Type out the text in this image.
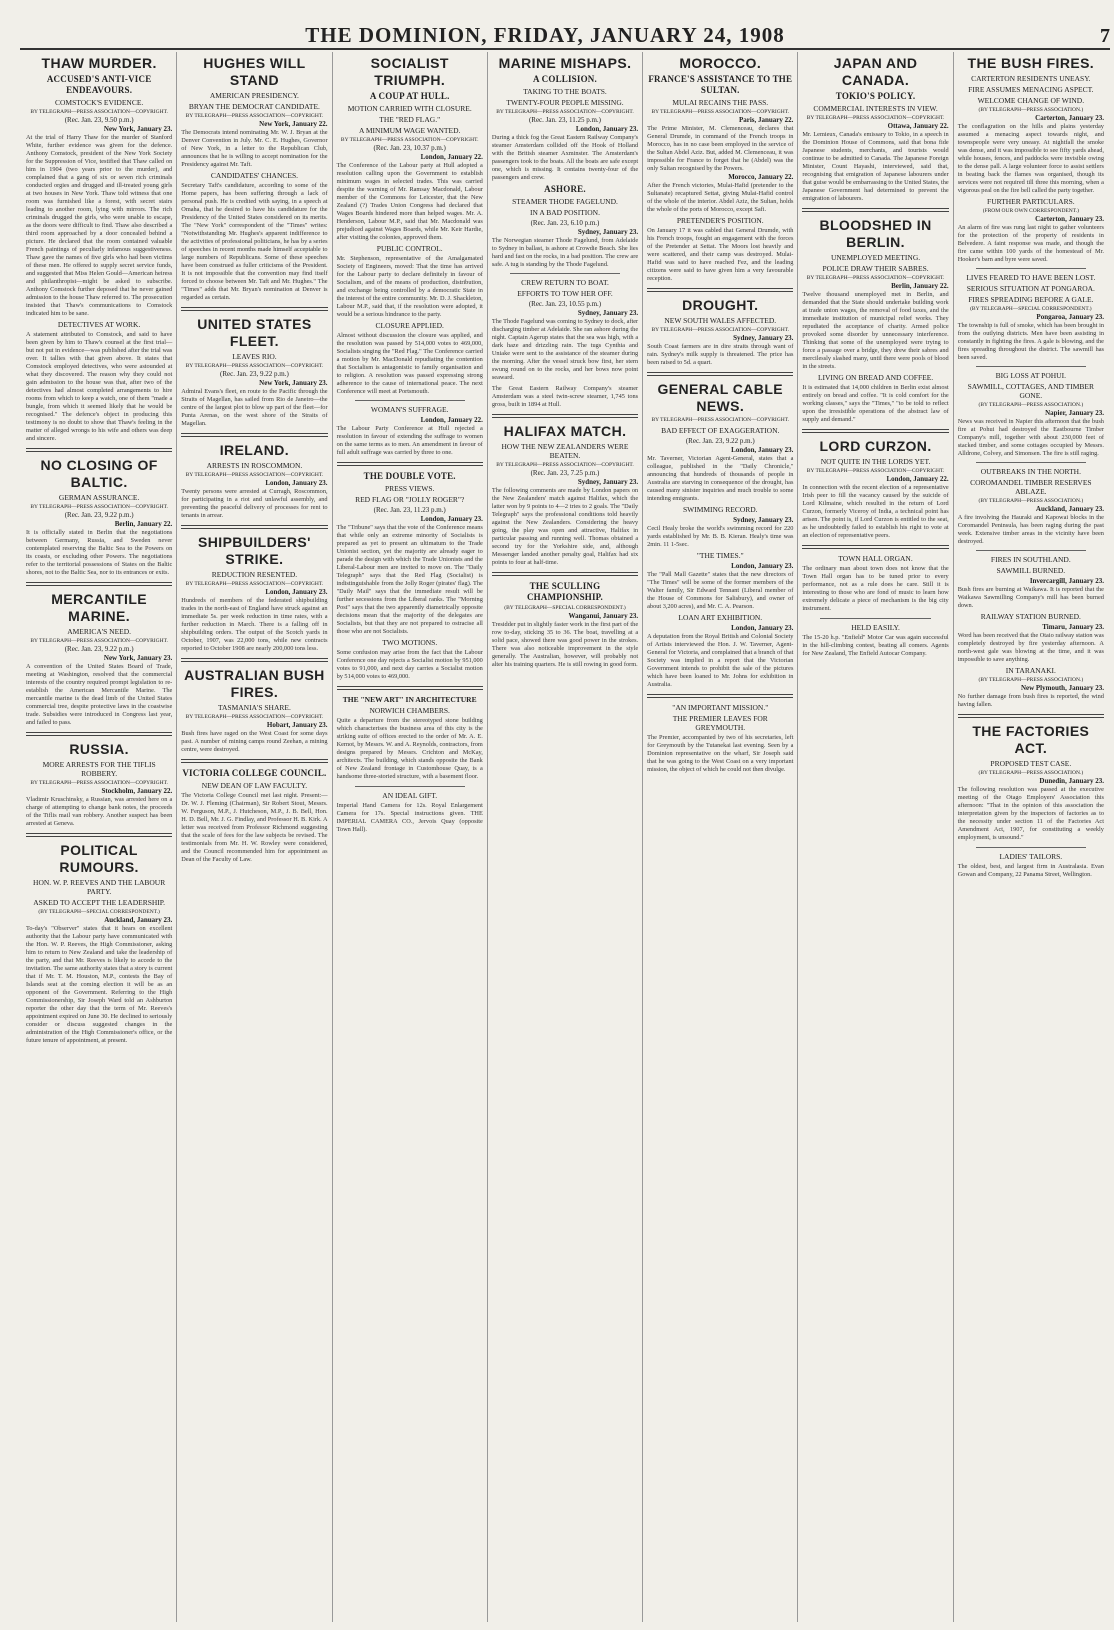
THE DOMINION, FRIDAY, JANUARY 24, 1908	7
THAW MURDER.
ACCUSED'S ANTI-VICE ENDEAVOURS.
COMSTOCK'S EVIDENCE.
BY TELEGRAPH—PRESS ASSOCIATION—COPYRIGHT.
(Rec. Jan. 23, 9.50 p.m.)
New York, January 23.
At the trial of Harry Thaw for the murder of Stanford White, further evidence was given for the defence. Anthony Comstock, president of the New York Society for the Suppression of Vice, testified that Thaw called on him in 1904 (two years prior to the murder), and complained that a gang of six or seven rich criminals conducted orgies and drugged and ill-treated young girls at two houses in New York. Thaw told witness that one room was furnished like a forest, with secret stairs leading to another room, lying with mirrors. The rich criminals drugged the girls, who were unable to escape, as the doors were difficult to find. Thaw also described a third room approached by a door concealed behind a picture. He declared that the room contained valuable French paintings of peculiarly infamous suggestiveness. Thaw gave the names of five girls who had been victims of these men. He offered to supply secret service funds, and suggested that Miss Helen Gould—American heiress and philanthropist—might be asked to subscribe. Anthony Comstock further deposed that he never gained admission to the house Thaw referred to. The prosecution insisted that Thaw's communications to Comstock indicated him to be sane.
DETECTIVES AT WORK.
A statement attributed to Comstock, and said to have been given by him to Thaw's counsel at the first trial—but not put in evidence—was published after the trial was over. It tallies with that given above. It states that Comstock employed detectives, who were astounded at what they discovered. The reason why they could not gain admission to the house was that, after two of the detectives had almost completed arrangements to hire rooms from which to keep a watch, one of them "made a bungle, from which it seemed likely that he would be recognised." The defence's object in producing this testimony is no doubt to show that Thaw's feeling in the matter of alleged wrongs to his wife and others was deep and sincere.
NO CLOSING OF BALTIC.
GERMAN ASSURANCE.
BY TELEGRAPH—PRESS ASSOCIATION—COPYRIGHT.
(Rec. Jan. 23, 9.22 p.m.)
Berlin, January 22.
It is officially stated in Berlin that the negotiations between Germany, Russia, and Sweden never contemplated reserving the Baltic Sea to the Powers on its coasts, or excluding other Powers. The negotiations refer to the territorial possessions of States on the Baltic shores, not to the Baltic Sea, nor to its entrances or exits.
MERCANTILE MARINE.
AMERICA'S NEED.
BY TELEGRAPH—PRESS ASSOCIATION—COPYRIGHT.
(Rec. Jan. 23, 9.22 p.m.)
New York, January 23.
A convention of the United States Board of Trade, meeting at Washington, resolved that the commercial interests of the country required prompt legislation to re-establish the American Mercantile Marine. The mercantile marine is the dead limb of the United States commercial tree, despite protective laws in the coastwise trade. Subsidies were introduced in Congress last year, and failed to pass.
RUSSIA.
MORE ARRESTS FOR THE TIFLIS ROBBERY.
BY TELEGRAPH—PRESS ASSOCIATION—COPYRIGHT.
Stockholm, January 22.
Vladimir Kruschinsky, a Russian, was arrested here on a charge of attempting to change bank notes, the proceeds of the Tiflis mail van robbery. Another suspect has been arrested at Geneva.
POLITICAL RUMOURS.
HON. W. P. REEVES AND THE LABOUR PARTY.
ASKED TO ACCEPT THE LEADERSHIP.
(BY TELEGRAPH—SPECIAL CORRESPONDENT.)
Auckland, January 23.
To-day's "Observer" states that it hears on excellent authority that the Labour party have communicated with the Hon. W. P. Reeves, the High Commissioner, asking him to return to New Zealand and take the leadership of the party, and that Mr. Reeves is likely to accede to the invitation. The same authority states that a story is current that if Mr. T. M. Houston, M.P., contests the Bay of Islands seat at the coming election it will be as an opponent of the Government. Referring to the High Commissionership, Sir Joseph Ward told an Ashburton reporter the other day that the term of Mr. Reeves's appointment expired on June 30. He declined to seriously consider or discuss suggested changes in the administration of the High Commissioner's office, or the future tenure of appointment, at present.
HUGHES WILL STAND
AMERICAN PRESIDENCY.
BRYAN THE DEMOCRAT CANDIDATE.
BY TELEGRAPH—PRESS ASSOCIATION—COPYRIGHT.
New York, January 22.
The Democrats intend nominating Mr. W. J. Bryan at the Denver Convention in July. Mr. C. E. Hughes, Governor of New York, in a letter to the Republican Club, announces that he is willing to accept nomination for the Presidency against Mr. Taft.
CANDIDATES' CHANCES.
Secretary Taft's candidature, according to some of the Home papers, has been suffering through a lack of personal push. He is credited with saying, in a speech at Omaha, that he desired to have his candidature for the Presidency of the United States considered on its merits. The "New York" correspondent of the "Times" writes: "Notwithstanding Mr. Hughes's apparent indifference to the activities of professional politicians, he has by a series of speeches in recent months made himself acceptable to large numbers of Republicans. Some of these speeches have been construed as fuller criticisms of the President. It is not impossible that the convention may find itself forced to choose between Mr. Taft and Mr. Hughes." The "Times" adds that Mr. Bryan's nomination at Denver is regarded as certain.
UNITED STATES FLEET.
LEAVES RIO.
BY TELEGRAPH—PRESS ASSOCIATION—COPYRIGHT.
(Rec. Jan. 23, 9.22 p.m.)
New York, January 23.
Admiral Evans's fleet, en route to the Pacific through the Straits of Magellan, has sailed from Rio de Janeiro—the centre of the largest plot to blow up part of the fleet—for Punta Arenas, on the west shore of the Straits of Magellan.
IRELAND.
ARRESTS IN ROSCOMMON.
BY TELEGRAPH—PRESS ASSOCIATION—COPYRIGHT.
London, January 23.
Twenty persons were arrested at Curragh, Roscommon, for participating in a riot and unlawful assembly, and preventing the peaceful delivery of processes for rent to tenants in arrear.
SHIPBUILDERS' STRIKE.
REDUCTION RESENTED.
BY TELEGRAPH—PRESS ASSOCIATION—COPYRIGHT.
London, January 23.
Hundreds of members of the federated shipbuilding trades in the north-east of England have struck against an immediate 5s. per week reduction in time rates, with a further reduction in March. There is a falling off in shipbuilding orders. The output of the Scotch yards in October, 1907, was 22,000 tons, while new contracts reported to October 1908 are nearly 200,000 tons less.
AUSTRALIAN BUSH FIRES.
TASMANIA'S SHARE.
BY TELEGRAPH—PRESS ASSOCIATION—COPYRIGHT.
Hobart, January 23.
Bush fires have raged on the West Coast for some days past. A number of mining camps round Zeehan, a mining centre, were destroyed.
VICTORIA COLLEGE COUNCIL.
NEW DEAN OF LAW FACULTY.
The Victoria College Council met last night. Present:—Dr. W. J. Fleming (Chairman), Sir Robert Stout, Messrs. W. Ferguson, M.P., J. Hutcheson, M.P., J. B. Bell, Hon. H. D. Bell, Mr. J. G. Findlay, and Professor H. B. Kirk. A letter was received from Professor Richmond suggesting that the scale of fees for the law subjects be revised. The testimonials from Mr. H. W. Rowley were considered, and the Council recommended him for appointment as Dean of the Faculty of Law.
SOCIALIST TRIUMPH.
A COUP AT HULL.
MOTION CARRIED WITH CLOSURE.
THE "RED FLAG."
A MINIMUM WAGE WANTED.
BY TELEGRAPH—PRESS ASSOCIATION—COPYRIGHT.
(Rec. Jan. 23, 10.37 p.m.)
London, January 22.
The Conference of the Labour party at Hull adopted a resolution calling upon the Government to establish minimum wages in selected trades. This was carried despite the warning of Mr. Ramsay Macdonald, Labour member of the Commons for Leicester, that the New Zealand (?) Trades Union Congress had declared that Wages Boards hindered more than helped wages. Mr. A. Henderson, Labour M.P., said that Mr. Macdonald was prejudiced against Wages Boards, while Mr. Keir Hardie, after visiting the colonies, approved them.
PUBLIC CONTROL.
Mr. Stephenson, representative of the Amalgamated Society of Engineers, moved: That the time has arrived for the Labour party to declare definitely in favour of Socialism, and of the means of production, distribution, and exchange being controlled by a democratic State in the interest of the entire community. Mr. D. J. Shackleton, Labour M.P., said that, if the resolution were adopted, it would be a serious hindrance to the party.
CLOSURE APPLIED.
Almost without discussion the closure was applied, and the resolution was passed by 514,000 votes to 469,000, Socialists singing the "Red Flag." The Conference carried a motion by Mr. MacDonald repudiating the contention that Socialism is antagonistic to family organisation and to religion. A resolution was passed expressing strong adherence to the cause of international peace. The next Conference will meet at Portsmouth.
WOMAN'S SUFFRAGE.
London, January 22.
The Labour Party Conference at Hull rejected a resolution in favour of extending the suffrage to women on the same terms as to men. An amendment in favour of full adult suffrage was carried by three to one.
THE DOUBLE VOTE.
PRESS VIEWS.
RED FLAG OR "JOLLY ROGER"?
(Rec. Jan. 23, 11.23 p.m.)
London, January 23.
The "Tribune" says that the vote of the Conference means that while only an extreme minority of Socialists is prepared as yet to present an ultimatum to the Trade Unionist section, yet the majority are already eager to parade the design with which the Trade Unionists and the Liberal-Labour men are invited to move on. The "Daily Telegraph" says that the Red Flag (Socialist) is indistinguishable from the Jolly Roger (pirates' flag). The "Daily Mail" says that the immediate result will be further secessions from the Liberal ranks. The "Morning Post" says that the two apparently diametrically opposite decisions mean that the majority of the delegates are Socialists, but that they are not prepared to ostracise all those who are not Socialists.
TWO MOTIONS.
Some confusion may arise from the fact that the Labour Conference one day rejects a Socialist motion by 951,000 votes to 91,000, and next day carries a Socialist motion by 514,000 votes to 469,000.
THE "NEW ART" IN ARCHITECTURE
NORWICH CHAMBERS.
Quite a departure from the stereotyped stone building which characterises the business area of this city is the striking suite of offices erected to the order of Mr. A. E. Kernot, by Messrs. W. and A. Reynolds, contractors, from designs prepared by Messrs. Crichton and McKay, architects. The building, which stands opposite the Bank of New Zealand frontage in Customhouse Quay, is a handsome three-storied structure, with a basement floor.
AN IDEAL GIFT.
Imperial Hand Camera for 12s. Royal Enlargement Camera for 17s. Special instructions given. THE IMPERIAL CAMERA CO., Jervois Quay (opposite Town Hall).
MARINE MISHAPS.
A COLLISION.
TAKING TO THE BOATS.
TWENTY-FOUR PEOPLE MISSING.
BY TELEGRAPH—PRESS ASSOCIATION—COPYRIGHT.
(Rec. Jan. 23, 11.25 p.m.)
London, January 23.
During a thick fog the Great Eastern Railway Company's steamer Amsterdam collided off the Hook of Holland with the British steamer Axminster. The Amsterdam's passengers took to the boats. All the boats are safe except one, which is missing. It contains twenty-four of the passengers and crew.
ASHORE.
STEAMER THODE FAGELUND.
IN A BAD POSITION.
(Rec. Jan. 23, 6.10 p.m.)
Sydney, January 23.
The Norwegian steamer Thode Fagelund, from Adelaide to Sydney in ballast, is ashore at Crowdie Beach. She lies hard and fast on the rocks, in a bad position. The crew are safe. A tug is standing by the Thode Fagelund.
CREW RETURN TO BOAT.
EFFORTS TO TOW HER OFF.
(Rec. Jan. 23, 10.55 p.m.)
Sydney, January 23.
The Thode Fagelund was coming to Sydney to dock, after discharging timber at Adelaide. She ran ashore during the night. Captain Agerup states that the sea was high, with a dark haze and drizzling rain. The tugs Cynthia and Uniake were sent to the assistance of the steamer during the morning. After the vessel struck bow first, her stern swung round on to the rocks, and her bows now point seaward.
The Great Eastern Railway Company's steamer Amsterdam was a steel twin-screw steamer, 1,745 tons gross, built in 1894 at Hull.
HALIFAX MATCH.
HOW THE NEW ZEALANDERS WERE BEATEN.
BY TELEGRAPH—PRESS ASSOCIATION—COPYRIGHT.
(Rec. Jan. 23, 7.25 p.m.)
Sydney, January 23.
The following comments are made by London papers on the New Zealanders' match against Halifax, which the latter won by 9 points to 4—2 tries to 2 goals. The "Daily Telegraph" says the professional conditions told heavily against the New Zealanders. Considering the heavy going, the play was open and attractive, Halifax in particular passing and running well. Thomas obtained a second try for the Yorkshire side, and, although Messenger landed another penalty goal, Halifax had six points to four at half-time.
THE SCULLING CHAMPIONSHIP.
(BY TELEGRAPH—SPECIAL CORRESPONDENT.)
Wanganui, January 23.
Tresidder put in slightly faster work in the first part of the row to-day, sticking 35 to 36. The boat, travelling at a solid pace, showed there was good power in the strokes. There was also noticeable improvement in the style generally. The Australian, however, will probably not alter his training quarters. He is still rowing in good form.
MOROCCO.
FRANCE'S ASSISTANCE TO THE SULTAN.
MULAI RECAINS THE PASS.
BY TELEGRAPH—PRESS ASSOCIATION—COPYRIGHT.
Paris, January 22.
The Prime Minister, M. Clemenceau, declares that General Drumde, in command of the French troops in Morocco, has in no case been employed in the service of the Sultan Abdel Aziz. But, added M. Clemenceau, it was impossible for France to forget that he (Abdel) was the only Sultan recognised by the Powers.
Morocco, January 22.
After the French victories, Mulai-Hafid (pretender to the Sultanate) recaptured Settat, giving Mulai-Hafid control of the whole of the interior. Abdel Aziz, the Sultan, holds the whole of the ports of Morocco, except Safi.
PRETENDER'S POSITION.
On January 17 it was cabled that General Drumde, with his French troops, fought an engagement with the forces of the Pretender at Settat. The Moors lost heavily and were scattered, and their camp was destroyed. Mulai-Hafid was said to have reached Fez, and the leading citizens were said to have given him a very favourable reception.
DROUGHT.
NEW SOUTH WALES AFFECTED.
BY TELEGRAPH—PRESS ASSOCIATION—COPYRIGHT.
Sydney, January 23.
South Coast farmers are in dire straits through want of rain. Sydney's milk supply is threatened. The price has been raised to 5d. a quart.
GENERAL CABLE NEWS.
BY TELEGRAPH—PRESS ASSOCIATION—COPYRIGHT.
BAD EFFECT OF EXAGGERATION.
(Rec. Jan. 23, 9.22 p.m.)
London, January 23.
Mr. Taverner, Victorian Agent-General, states that a colleague, published in the "Daily Chronicle," announcing that hundreds of thousands of people in Australia are starving in consequence of the drought, has caused many sinister inquiries and much trouble to some intending emigrants.
SWIMMING RECORD.
Sydney, January 23.
Cecil Healy broke the world's swimming record for 220 yards established by Mr. B. B. Kieran. Healy's time was 2min. 11 1-5sec.
"THE TIMES."
London, January 23.
The "Pall Mall Gazette" states that the new directors of "The Times" will be some of the former members of the Walter family, Sir Edward Tennant (Liberal member of the House of Commons for Salisbury), and owner of about 3,200 acres), and Mr. C. A. Pearson.
LOAN ART EXHIBITION.
London, January 23.
A deputation from the Royal British and Colonial Society of Artists interviewed the Hon. J. W. Taverner, Agent-General for Victoria, and complained that a branch of that Society was implied in a report that the Victorian Government intends to prohibit the sale of the pictures which have been loaned to Mr. Johns for exhibition in Australia.
"AN IMPORTANT MISSION."
THE PREMIER LEAVES FOR GREYMOUTH.
The Premier, accompanied by two of his secretaries, left for Greymouth by the Tutanekai last evening. Seen by a Dominion representative on the wharf, Sir Joseph said that he was going to the West Coast on a very important mission, the object of which he could not then divulge.
JAPAN AND CANADA.
TOKIO'S POLICY.
COMMERCIAL INTERESTS IN VIEW.
BY TELEGRAPH—PRESS ASSOCIATION—COPYRIGHT.
Ottawa, January 22.
Mr. Lemieux, Canada's emissary to Tokio, in a speech in the Dominion House of Commons, said that bona fide Japanese students, merchants, and tourists would continue to be admitted to Canada. The Japanese Foreign Minister, Count Hayashi, interviewed, said that, recognising that emigration of Japanese labourers under that guise would be embarrassing to the United States, the Japanese Government had determined to prevent the emigration of labourers.
BLOODSHED IN BERLIN.
UNEMPLOYED MEETING.
POLICE DRAW THEIR SABRES.
BY TELEGRAPH—PRESS ASSOCIATION—COPYRIGHT.
Berlin, January 22.
Twelve thousand unemployed met in Berlin, and demanded that the State should undertake building work at trade union wages, the removal of food taxes, and the immediate institution of municipal relief works. They repudiated the acceptance of charity. Armed police provoked some disorder by unnecessary interference. Thinking that some of the unemployed were trying to force a passage over a bridge, they drew their sabres and mercilessly slashed many, until there were pools of blood in the streets.
LIVING ON BREAD AND COFFEE.
It is estimated that 14,000 children in Berlin exist almost entirely on bread and coffee. "It is cold comfort for the working classes," says the "Times," "to be told to reflect upon the irresistible operations of the abstract law of supply and demand."
LORD CURZON.
NOT QUITE IN THE LORDS YET.
BY TELEGRAPH—PRESS ASSOCIATION—COPYRIGHT.
London, January 22.
In connection with the recent election of a representative Irish peer to fill the vacancy caused by the suicide of Lord Kilmaine, which resulted in the return of Lord Curzon, formerly Viceroy of India, a technical point has arisen. The point is, if Lord Curzon is entitled to the seat, as he undoubtedly failed to establish his right to vote at an election of representative peers.
TOWN HALL ORGAN.
The ordinary man about town does not know that the Town Hall organ has to be tuned prior to every performance, not as a rule does he care. Still it is interesting to those who are fond of music to learn how extremely delicate a piece of mechanism is the big city instrument.
HELD EASILY.
The 15-20 h.p. "Enfield" Motor Car was again successful in the hill-climbing contest, beating all comers. Agents for New Zealand, The Enfield Autocar Company.
THE BUSH FIRES.
CARTERTON RESIDENTS UNEASY.
FIRE ASSUMES MENACING ASPECT.
WELCOME CHANGE OF WIND.
(BY TELEGRAPH—PRESS ASSOCIATION.)
Carterton, January 23.
The conflagration on the hills and plains yesterday assumed a menacing aspect towards night, and townspeople were very uneasy. At nightfall the smoke was dense, and it was impossible to see fifty yards ahead, while houses, fences, and paddocks were invisible owing to the dense pall. A large volunteer force to assist settlers in beating back the flames was organised, though its services were not required till three this morning, when a vigorous peal on the fire bell called the party together.
FURTHER PARTICULARS.
(FROM OUR OWN CORRESPONDENT.)
Carterton, January 23.
An alarm of fire was rung last night to gather volunteers for the protection of the property of residents in Belvedere. A faint response was made, and though the fire came within 100 yards of the homestead of Mr. Hooker's barn and byre were saved.
LIVES FEARED TO HAVE BEEN LOST.
SERIOUS SITUATION AT PONGAROA.
FIRES SPREADING BEFORE A GALE.
(BY TELEGRAPH—SPECIAL CORRESPONDENT.)
Pongaroa, January 23.
The township is full of smoke, which has been brought in from the outlying districts. Men have been assisting in constantly in fighting the fires. A gale is blowing, and the fires spreading throughout the district. The sawmill has been saved.
BIG LOSS AT POHUI.
SAWMILL, COTTAGES, AND TIMBER GONE.
(BY TELEGRAPH—PRESS ASSOCIATION.)
Napier, January 23.
News was received in Napier this afternoon that the bush fire at Pohui had destroyed the Eastbourne Timber Company's mill, together with about 230,000 feet of stacked timber, and some cottages occupied by Messrs. Alldrone, Colvey, and Simonsen. The fire is still raging.
OUTBREAKS IN THE NORTH.
COROMANDEL TIMBER RESERVES ABLAZE.
(BY TELEGRAPH—PRESS ASSOCIATION.)
Auckland, January 23.
A fire involving the Hauraki and Kapowai blocks in the Coromandel Peninsula, has been raging during the past week. Extensive timber areas in the vicinity have been destroyed.
FIRES IN SOUTHLAND.
SAWMILL BURNED.
Invercargill, January 23.
Bush fires are burning at Waikawa. It is reported that the Waikawa Sawmilling Company's mill has been burned down.
RAILWAY STATION BURNED.
Timaru, January 23.
Word has been received that the Otaio railway station was completely destroyed by fire yesterday afternoon. A north-west gale was blowing at the time, and it was impossible to save anything.
IN TARANAKI.
(BY TELEGRAPH—PRESS ASSOCIATION.)
New Plymouth, January 23.
No further damage from bush fires is reported, the wind having fallen.
THE FACTORIES ACT.
PROPOSED TEST CASE.
(BY TELEGRAPH—PRESS ASSOCIATION.)
Dunedin, January 23.
The following resolution was passed at the executive meeting of the Otago Employers' Association this afternoon: "That in the opinion of this association the interpretation given by the inspectors of factories as to the necessity under section 11 of the Factories Act Amendment Act, 1907, for constituting a weekly employment, is unsound."
LADIES' TAILORS.
The oldest, best, and largest firm in Australasia. Evan Gowan and Company, 22 Panama Street, Wellington.
